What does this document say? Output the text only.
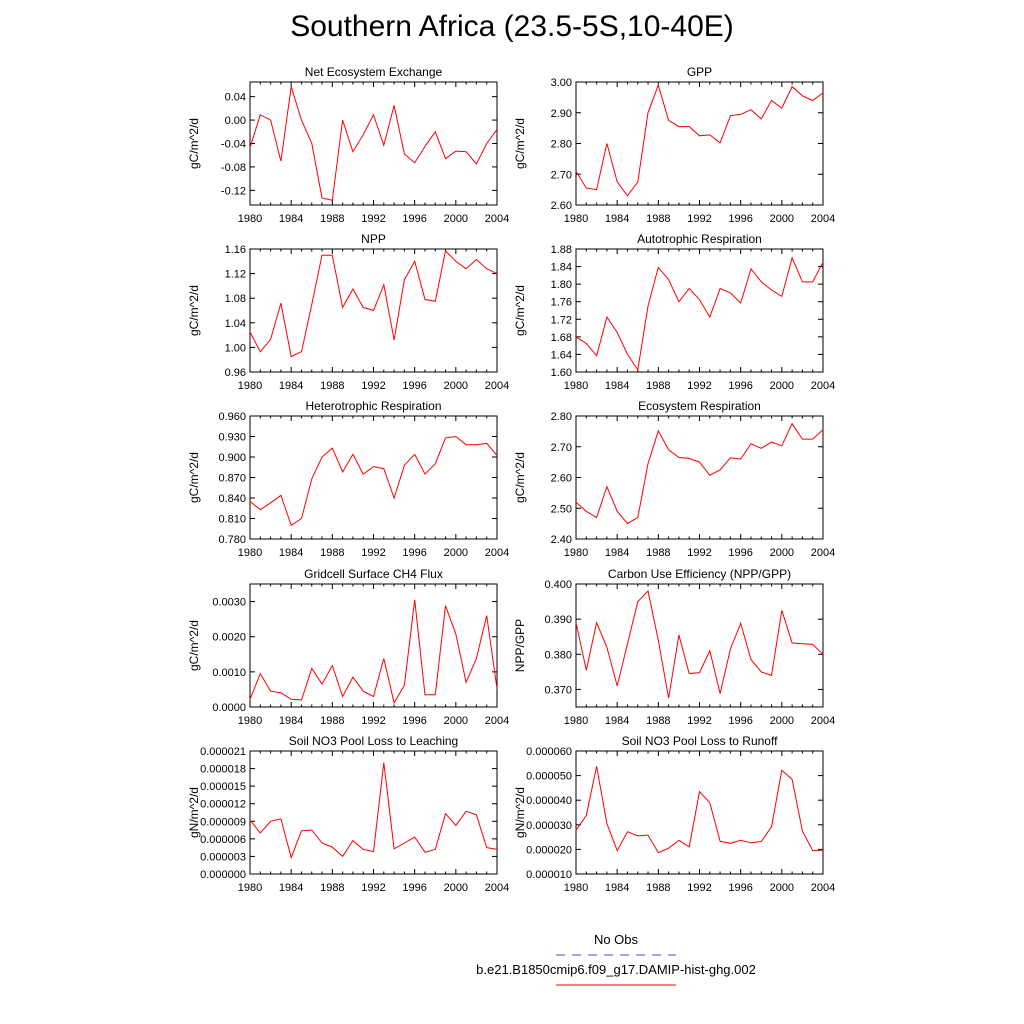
Southern Africa (23.5-5S,10-40E)
Net Ecosystem Exchange
gC/m^2/d
1980 1984 1988 1992 1996 2000 2004
-0.12
-0.08
-0.04
0.00
0.04
GPP
gC/m^2/d
1980 1984 1988 1992 1996 2000 2004
2.60
2.70
2.80
2.90
3.00
NPP
gC/m^2/d
1980 1984 1988 1992 1996 2000 2004
0.96
1.00
1.04
1.08
1.12
1.16
Autotrophic Respiration
gC/m^2/d
1980 1984 1988 1992 1996 2000 2004
1.60
1.64
1.68
1.72
1.76
1.80
1.84
1.88
Heterotrophic Respiration
gC/m^2/d
1980 1984 1988 1992 1996 2000 2004
0.780
0.810
0.840
0.870
0.900
0.930
0.960
Ecosystem Respiration
gC/m^2/d
1980 1984 1988 1992 1996 2000 2004
2.40
2.50
2.60
2.70
2.80
Gridcell Surface CH4 Flux
gC/m^2/d
1980 1984 1988 1992 1996 2000 2004
0.0000
0.0010
0.0020
0.0030
Carbon Use Efficiency (NPP/GPP)
NPP/GPP
1980 1984 1988 1992 1996 2000 2004
0.370
0.380
0.390
0.400
Soil NO3 Pool Loss to Leaching
gN/m^2/d
1980 1984 1988 1992 1996 2000 2004
0.000000
0.000003
0.000006
0.000009
0.000012
0.000015
0.000018
0.000021
Soil NO3 Pool Loss to Runoff
gN/m^2/d
1980 1984 1988 1992 1996 2000 2004
0.000010
0.000020
0.000030
0.000040
0.000050
0.000060
No Obs
b.e21.B1850cmip6.f09_g17.DAMIP-hist-ghg.002
